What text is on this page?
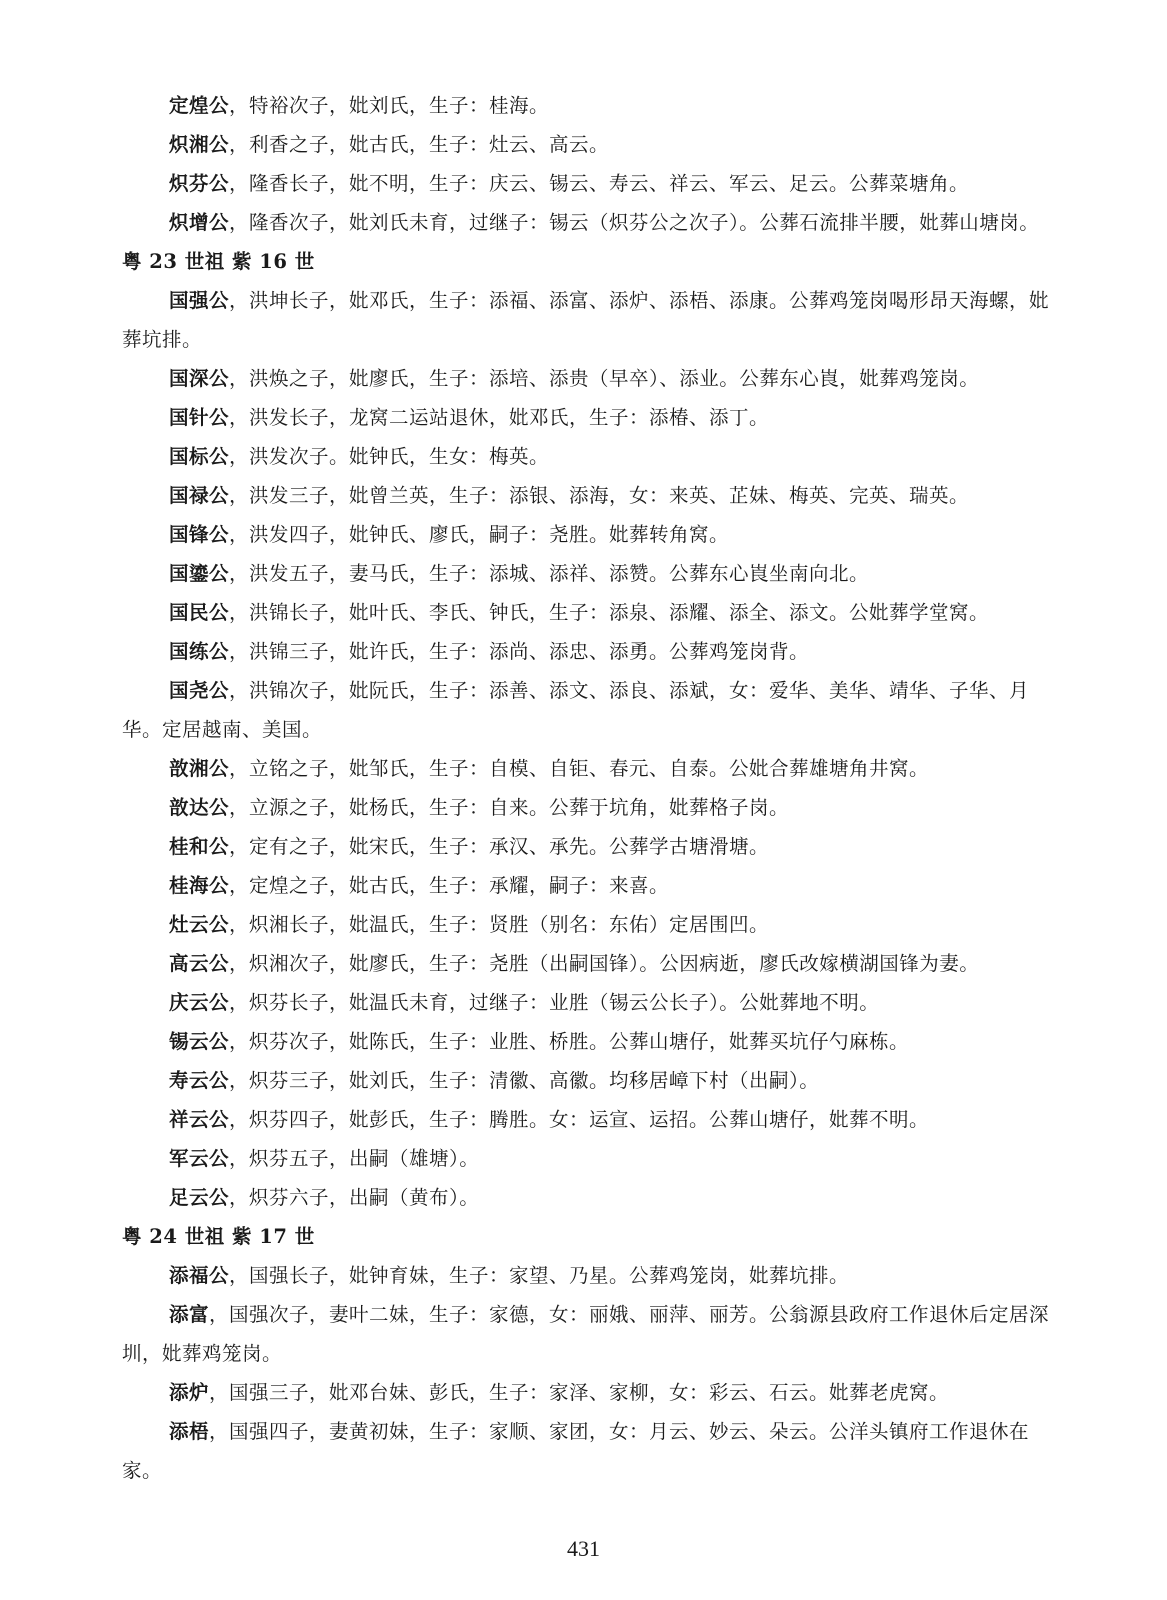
定煌公，特裕次子，妣刘氏，生子：桂海。

炽湘公，利香之子，妣古氏，生子：灶云、高云。

炽芬公，隆香长子，妣不明，生子：庆云、锡云、寿云、祥云、军云、足云。公葬菜塘角。

炽增公，隆香次子，妣刘氏未育，过继子：锡云（炽芬公之次子）。公葬石流排半腰，妣葬山塘岗。

粤 23 世祖 紫 16 世

国强公，洪坤长子，妣邓氏，生子：添福、添富、添炉、添梧、添康。公葬鸡笼岗喝形昂天海螺，妣葬坑排。

国深公，洪焕之子，妣廖氏，生子：添培、添贵（早卒）、添业。公葬东心崀，妣葬鸡笼岗。

国针公，洪发长子，龙窝二运站退休，妣邓氏，生子：添椿、添丁。

国标公，洪发次子。妣钟氏，生女：梅英。

国禄公，洪发三子，妣曾兰英，生子：添银、添海，女：来英、芷妹、梅英、完英、瑞英。

国锋公，洪发四子，妣钟氏、廖氏，嗣子：尧胜。妣葬转角窝。

国鎏公，洪发五子，妻马氏，生子：添城、添祥、添赞。公葬东心崀坐南向北。

国民公，洪锦长子，妣叶氏、李氏、钟氏，生子：添泉、添耀、添全、添文。公妣葬学堂窝。

国练公，洪锦三子，妣许氏，生子：添尚、添忠、添勇。公葬鸡笼岗背。

国尧公，洪锦次子，妣阮氏，生子：添善、添文、添良、添斌，女：爱华、美华、靖华、子华、月华。定居越南、美国。

敨湘公，立铭之子，妣邹氏，生子：自模、自钜、春元、自泰。公妣合葬雄塘角井窝。

敨达公，立源之子，妣杨氏，生子：自来。公葬于坑角，妣葬格子岗。

桂和公，定有之子，妣宋氏，生子：承汉、承先。公葬学古塘滑塘。

桂海公，定煌之子，妣古氏，生子：承耀，嗣子：来喜。

灶云公，炽湘长子，妣温氏，生子：贤胜（别名：东佑）定居围凹。

高云公，炽湘次子，妣廖氏，生子：尧胜（出嗣国锋）。公因病逝，廖氏改嫁横湖国锋为妻。

庆云公，炽芬长子，妣温氏未育，过继子：业胜（锡云公长子）。公妣葬地不明。

锡云公，炽芬次子，妣陈氏，生子：业胜、桥胜。公葬山塘仔，妣葬买坑仔勺麻栋。

寿云公，炽芬三子，妣刘氏，生子：清徽、高徽。均移居嶂下村（出嗣）。

祥云公，炽芬四子，妣彭氏，生子：腾胜。女：运宣、运招。公葬山塘仔，妣葬不明。

军云公，炽芬五子，出嗣（雄塘）。

足云公，炽芬六子，出嗣（黄布）。

粤 24 世祖 紫 17 世

添福公，国强长子，妣钟育妹，生子：家望、乃星。公葬鸡笼岗，妣葬坑排。

添富，国强次子，妻叶二妹，生子：家德，女：丽娥、丽萍、丽芳。公翁源县政府工作退休后定居深圳，妣葬鸡笼岗。

添炉，国强三子，妣邓台妹、彭氏，生子：家泽、家柳，女：彩云、石云。妣葬老虎窝。

添梧，国强四子，妻黄初妹，生子：家顺、家团，女：月云、妙云、朵云。公洋头镇府工作退休在家。

431
